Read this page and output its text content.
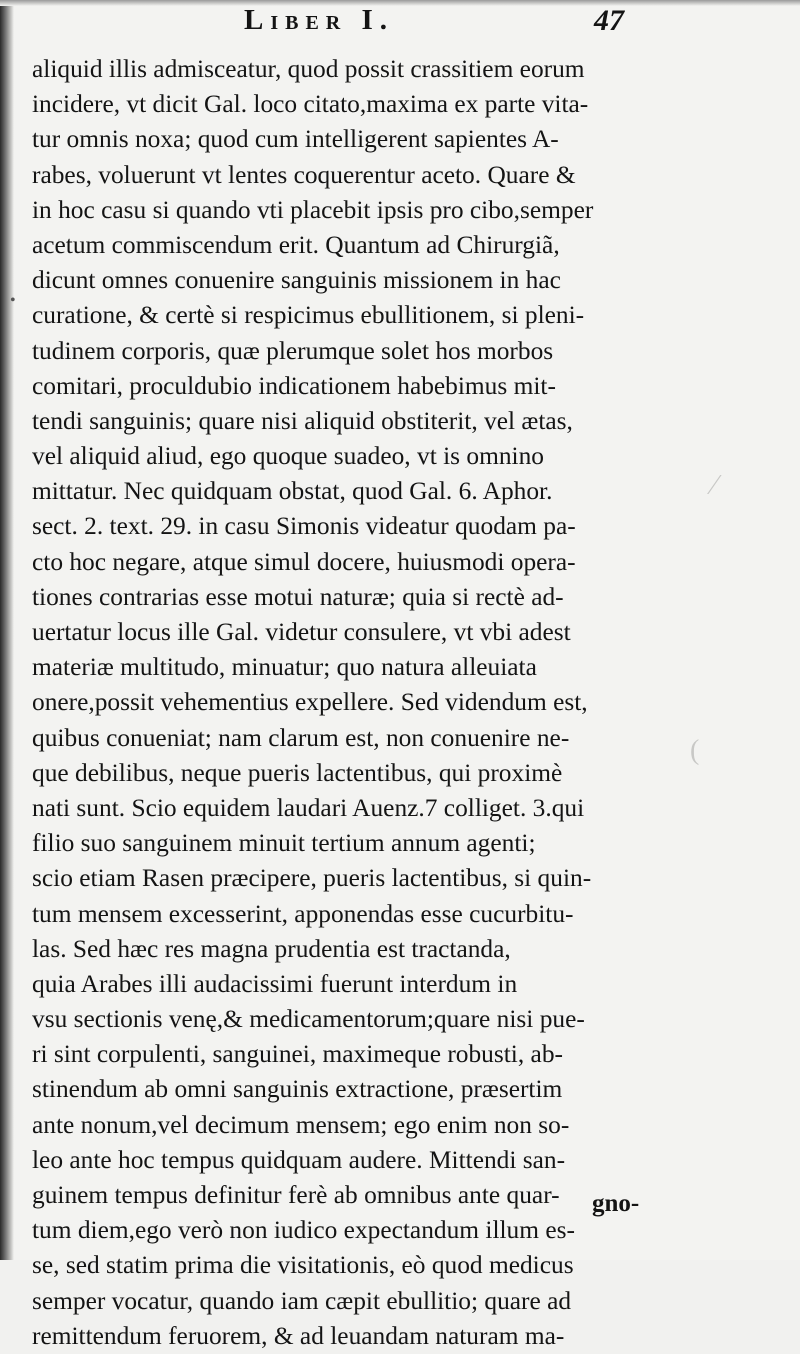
Liber I.	47
•
(
⁄
aliquid illis admisceatur, quod possit crassitiem eorum
incidere, vt dicit Gal. loco citato,maxima ex parte vita-
tur omnis noxa; quod cum intelligerent sapientes A-
rabes, voluerunt vt lentes coquerentur aceto. Quare &
in hoc casu si quando vti placebit ipsis pro cibo,semper
acetum commiscendum erit. Quantum ad Chirurgiã,
dicunt omnes conuenire sanguinis missionem in hac
curatione, & certè si respicimus ebullitionem, si pleni-
tudinem corporis, quæ plerumque solet hos morbos
comitari, proculdubio indicationem habebimus mit-
tendi sanguinis; quare nisi aliquid obstiterit, vel ætas,
vel aliquid aliud, ego quoque suadeo, vt is omnino
mittatur. Nec quidquam obstat, quod Gal. 6. Aphor.
sect. 2. text. 29. in casu Simonis videatur quodam pa-
cto hoc negare, atque simul docere, huiusmodi opera-
tiones contrarias esse motui naturæ; quia si rectè ad-
uertatur locus ille Gal. videtur consulere, vt vbi adest
materiæ multitudo, minuatur; quo natura alleuiata
onere,possit vehementius expellere. Sed videndum est,
quibus conueniat; nam clarum est, non conuenire ne-
que debilibus, neque pueris lactentibus, qui proximè
nati sunt. Scio equidem laudari Auenz.7 colliget. 3.qui
filio suo sanguinem minuit tertium annum agenti;
scio etiam Rasen præcipere, pueris lactentibus, si quin-
tum mensem excesserint, apponendas esse cucurbitu-
las. Sed hæc res magna prudentia est tractanda,
quia Arabes illi audacissimi fuerunt interdum in
vsu sectionis venę,& medicamentorum;quare nisi pue-
ri sint corpulenti, sanguinei, maximeque robusti, ab-
stinendum ab omni sanguinis extractione, præsertim
ante nonum,vel decimum mensem; ego enim non so-
leo ante hoc tempus quidquam audere. Mittendi san-
guinem tempus definitur ferè ab omnibus ante quar-
tum diem,ego verò non iudico expectandum illum es-
se, sed statim prima die visitationis, eò quod medicus
semper vocatur, quando iam cæpit ebullitio; quare ad
remittendum feruorem, & ad leuandam naturam ma-
gno-
